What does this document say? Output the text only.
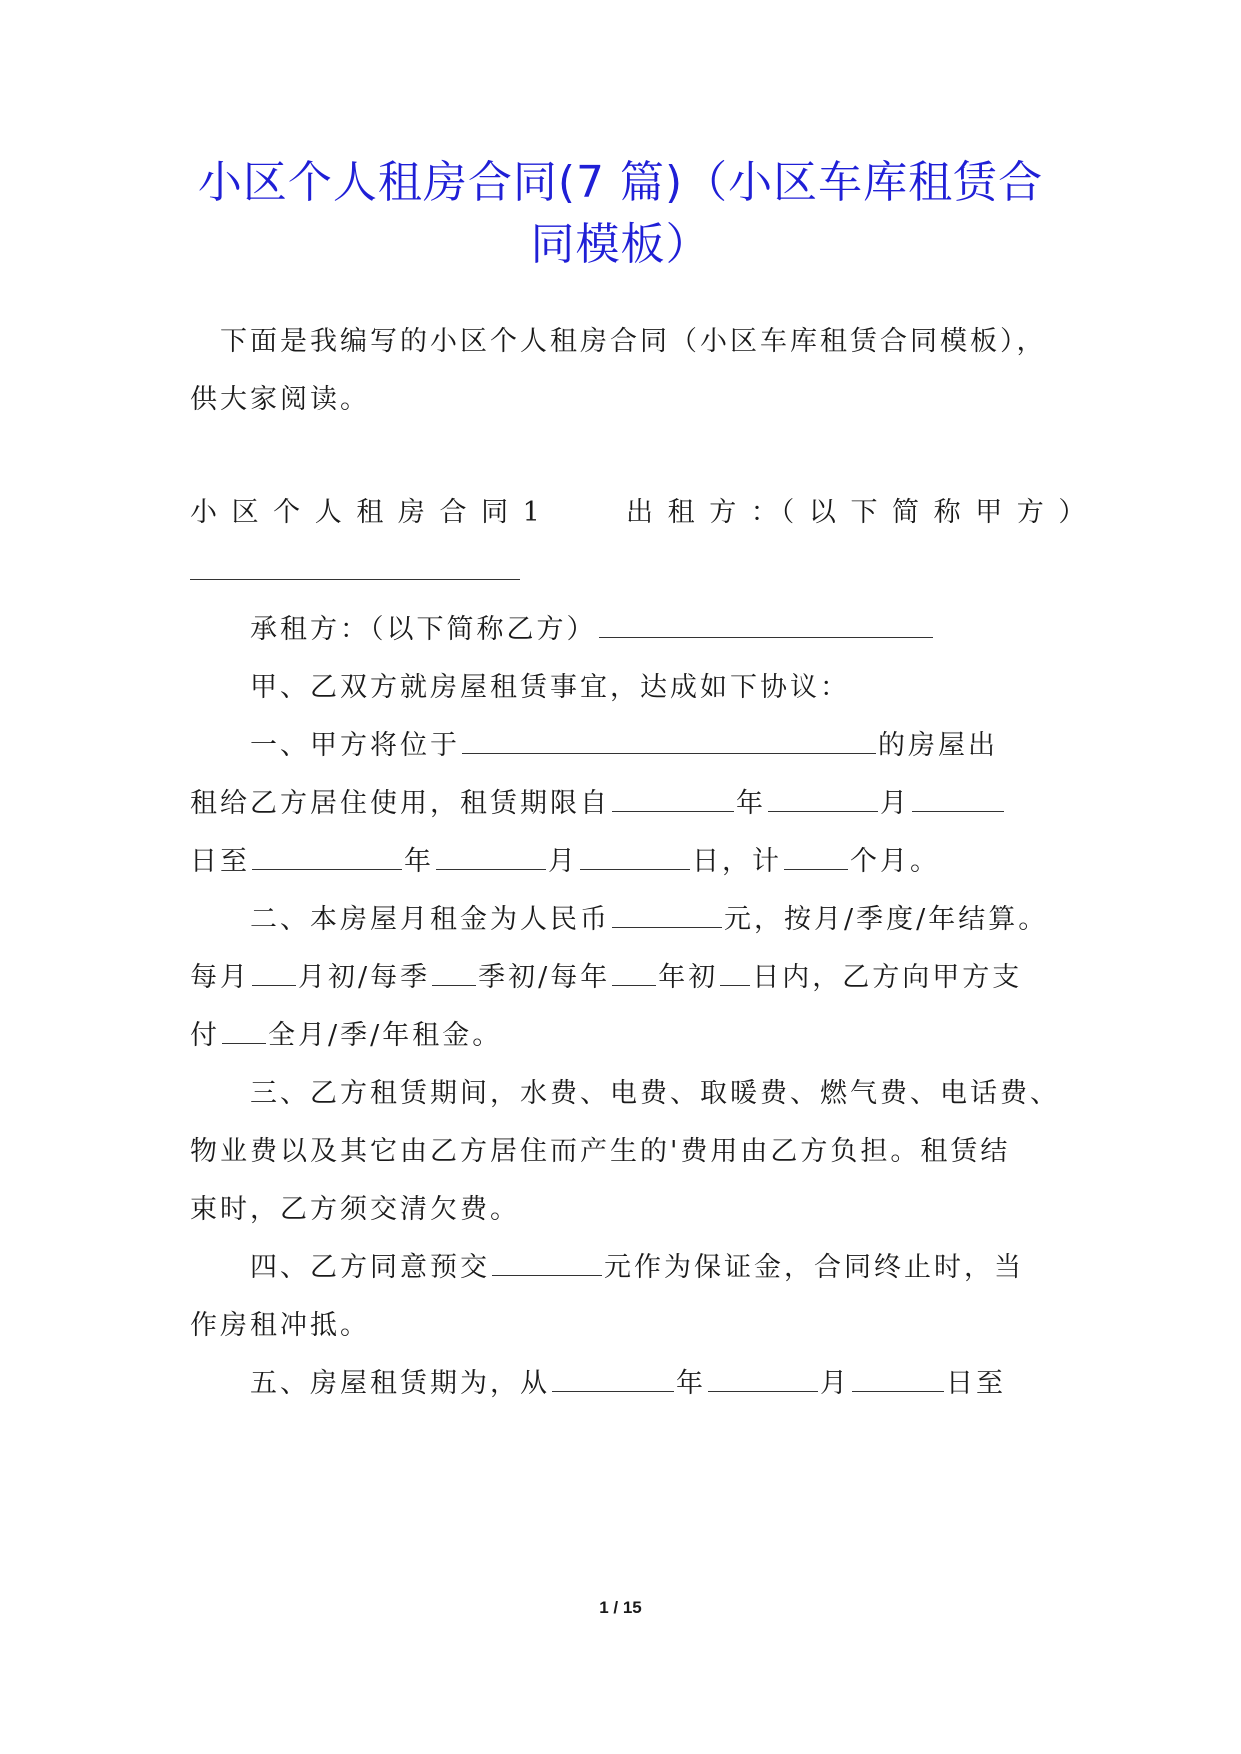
小区个人租房合同(7 篇)（小区车库租赁合
同模板）
下面是我编写的小区个人租房合同（小区车库租赁合同模板），
供大家阅读。
小 区 个 人 租 房 合 同 1	出 租 方 ：（ 以 下 简 称 甲 方 ）
承租方：（以下简称乙方）
甲、乙双方就房屋租赁事宜，达成如下协议：
一、甲方将位于	的房屋出
租给乙方居住使用，租赁期限自	年	月
日至	年	月	日，计	个月。
二、本房屋月租金为人民币	元，按月/季度/年结算。
每月 月初/每季 季初/每年 年初 日内，乙方向甲方支
付 全月/季/年租金。
三、乙方租赁期间，水费、电费、取暖费、燃气费、电话费、
物业费以及其它由乙方居住而产生的'费用由乙方负担。租赁结
束时，乙方须交清欠费。
四、乙方同意预交	元作为保证金，合同终止时，当
作房租冲抵。
五、房屋租赁期为，从	年	月	日至
1 / 15
